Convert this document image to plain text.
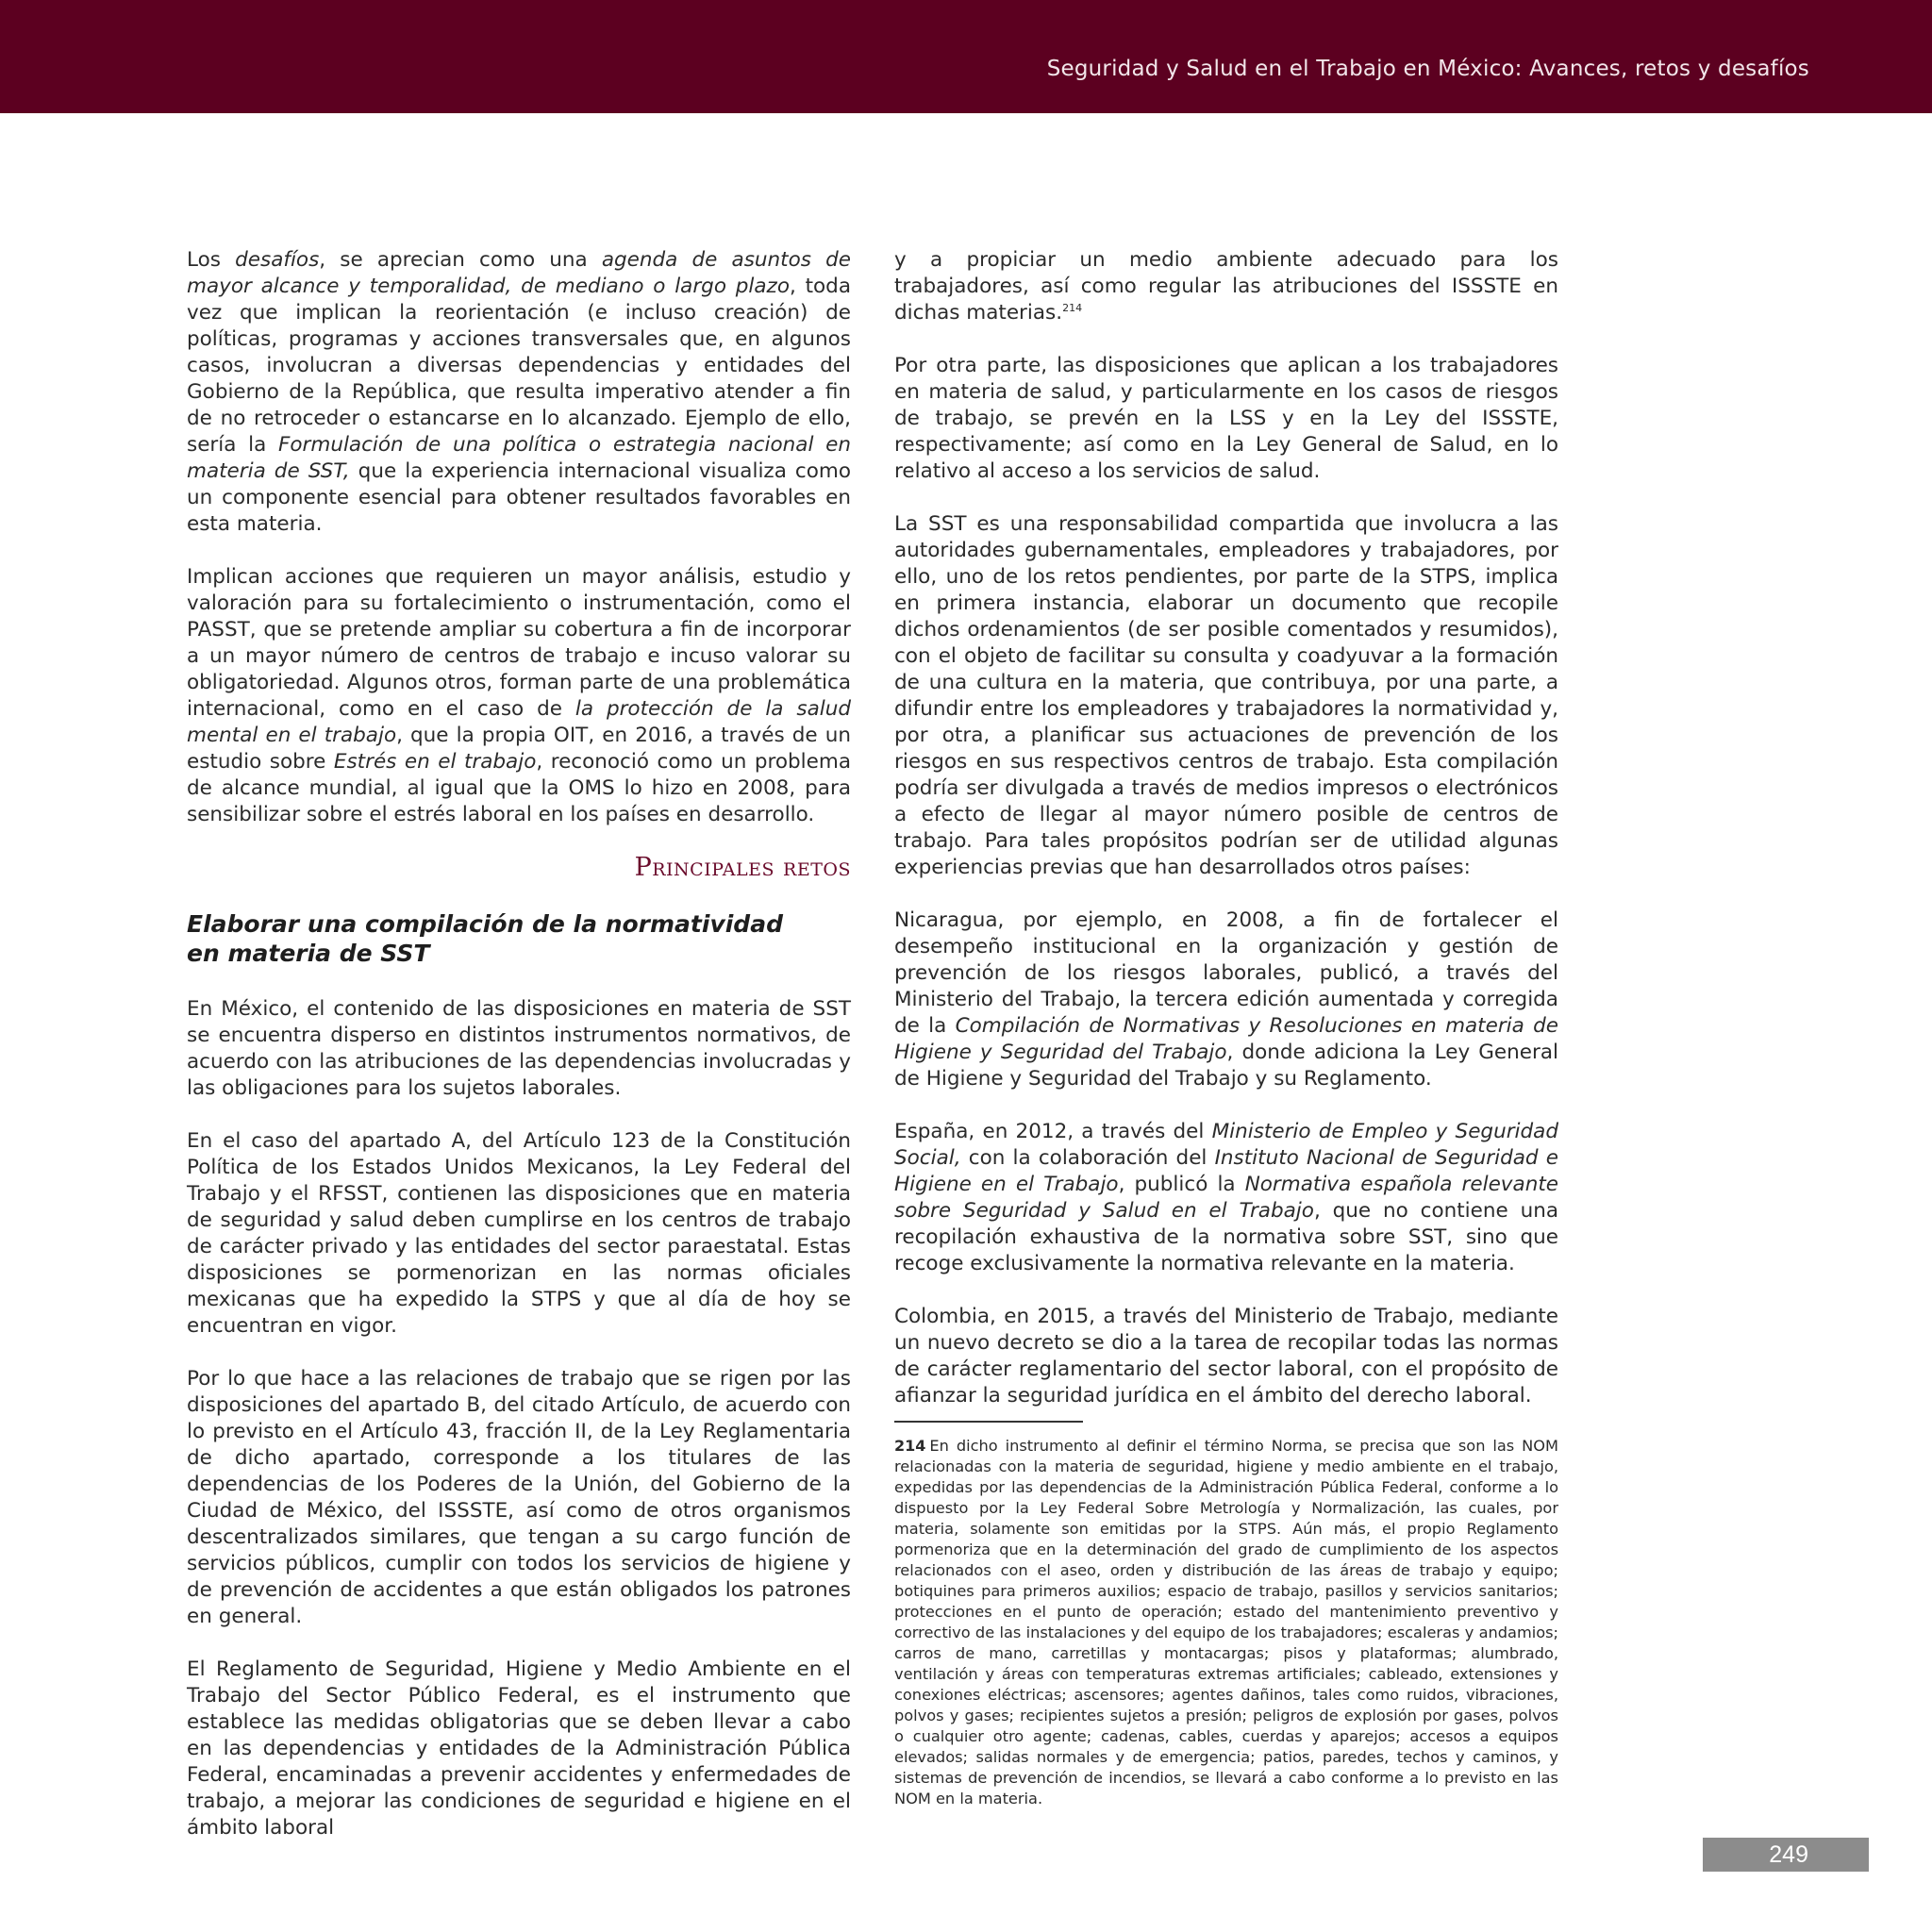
Seguridad y Salud en el Trabajo en México: Avances, retos y desafíos

Los desafíos, se aprecian como una agenda de asuntos de mayor alcance y temporalidad, de mediano o largo plazo, toda vez que implican la reorientación (e incluso creación) de políticas, programas y acciones transversales que, en algunos casos, involucran a diversas dependencias y entidades del Gobierno de la República, que resulta imperativo atender a fin de no retroceder o estancarse en lo alcanzado. Ejemplo de ello, sería la Formulación de una política o estrategia nacional en materia de SST, que la experiencia internacional visualiza como un componente esencial para obtener resultados favorables en esta materia.

Implican acciones que requieren un mayor análisis, estudio y valoración para su fortalecimiento o instrumentación, como el PASST, que se pretende ampliar su cobertura a fin de incorporar a un mayor número de centros de trabajo e incuso valorar su obligatoriedad. Algunos otros, forman parte de una problemática internacional, como en el caso de la protección de la salud mental en el trabajo, que la propia OIT, en 2016, a través de un estudio sobre Estrés en el trabajo, reconoció como un problema de alcance mundial, al igual que la OMS lo hizo en 2008, para sensibilizar sobre el estrés laboral en los países en desarrollo.

Principales retos
Elaborar una compilación de la normatividad
en materia de SST

En México, el contenido de las disposiciones en materia de SST se encuentra disperso en distintos instrumentos normativos, de acuerdo con las atribuciones de las dependencias involucradas y las obligaciones para los sujetos laborales.

En el caso del apartado A, del Artículo 123 de la Constitución Política de los Estados Unidos Mexicanos, la Ley Federal del Trabajo y el RFSST, contienen las disposiciones que en materia de seguridad y salud deben cumplirse en los centros de trabajo de carácter privado y las entidades del sector paraestatal. Estas disposiciones se pormenorizan en las normas oficiales mexicanas que ha expedido la STPS y que al día de hoy se encuentran en vigor.

Por lo que hace a las relaciones de trabajo que se rigen por las disposiciones del apartado B, del citado Artículo, de acuerdo con lo previsto en el Artículo 43, fracción II, de la Ley Reglamentaria de dicho apartado, corresponde a los titulares de las dependencias de los Poderes de la Unión, del Gobierno de la Ciudad de México, del ISSSTE, así como de otros organismos descentralizados similares, que tengan a su cargo función de servicios públicos, cumplir con todos los servicios de higiene y de prevención de accidentes a que están obligados los patrones en general.

El Reglamento de Seguridad, Higiene y Medio Ambiente en el Trabajo del Sector Público Federal, es el instrumento que establece las medidas obligatorias que se deben llevar a cabo en las dependencias y entidades de la Administración Pública Federal, encaminadas a prevenir accidentes y enfermedades de trabajo, a mejorar las condiciones de seguridad e higiene en el ámbito laboral

y a propiciar un medio ambiente adecuado para los trabajadores, así como regular las atribuciones del ISSSTE en dichas materias.$^{214}$

Por otra parte, las disposiciones que aplican a los trabajadores en materia de salud, y particularmente en los casos de riesgos de trabajo, se prevén en la LSS y en la Ley del ISSSTE, respectivamente; así como en la Ley General de Salud, en lo relativo al acceso a los servicios de salud.

La SST es una responsabilidad compartida que involucra a las autoridades gubernamentales, empleadores y trabajadores, por ello, uno de los retos pendientes, por parte de la STPS, implica en primera instancia, elaborar un documento que recopile dichos ordenamientos (de ser posible comentados y resumidos), con el objeto de facilitar su consulta y coadyuvar a la formación de una cultura en la materia, que contribuya, por una parte, a difundir entre los empleadores y trabajadores la normatividad y, por otra, a planificar sus actuaciones de prevención de los riesgos en sus respectivos centros de trabajo. Esta compilación podría ser divulgada a través de medios impresos o electrónicos a efecto de llegar al mayor número posible de centros de trabajo. Para tales propósitos podrían ser de utilidad algunas experiencias previas que han desarrollados otros países:

Nicaragua, por ejemplo, en 2008, a fin de fortalecer el desempeño institucional en la organización y gestión de prevención de los riesgos laborales, publicó, a través del Ministerio del Trabajo, la tercera edición aumentada y corregida de la Compilación de Normativas y Resoluciones en materia de Higiene y Seguridad del Trabajo, donde adiciona la Ley General de Higiene y Seguridad del Trabajo y su Reglamento.

España, en 2012, a través del Ministerio de Empleo y Seguridad Social, con la colaboración del Instituto Nacional de Seguridad e Higiene en el Trabajo, publicó la Normativa española relevante sobre Seguridad y Salud en el Trabajo, que no contiene una recopilación exhaustiva de la normativa sobre SST, sino que recoge exclusivamente la normativa relevante en la materia.

Colombia, en 2015, a través del Ministerio de Trabajo, mediante un nuevo decreto se dio a la tarea de recopilar todas las normas de carácter reglamentario del sector laboral, con el propósito de afianzar la seguridad jurídica en el ámbito del derecho laboral.

214 En dicho instrumento al definir el término Norma, se precisa que son las NOM relacionadas con la materia de seguridad, higiene y medio ambiente en el trabajo, expedidas por las dependencias de la Administración Pública Federal, conforme a lo dispuesto por la Ley Federal Sobre Metrología y Normalización, las cuales, por materia, solamente son emitidas por la STPS. Aún más, el propio Reglamento pormenoriza que en la determinación del grado de cumplimiento de los aspectos relacionados con el aseo, orden y distribución de las áreas de trabajo y equipo; botiquines para primeros auxilios; espacio de trabajo, pasillos y servicios sanitarios; protecciones en el punto de operación; estado del mantenimiento preventivo y correctivo de las instalaciones y del equipo de los trabajadores; escaleras y andamios; carros de mano, carretillas y montacargas; pisos y plataformas; alumbrado, ventilación y áreas con temperaturas extremas artificiales; cableado, extensiones y conexiones eléctricas; ascensores; agentes dañinos, tales como ruidos, vibraciones, polvos y gases; recipientes sujetos a presión; peligros de explosión por gases, polvos o cualquier otro agente; cadenas, cables, cuerdas y aparejos; accesos a equipos elevados; salidas normales y de emergencia; patios, paredes, techos y caminos, y sistemas de prevención de incendios, se llevará a cabo conforme a lo previsto en las NOM en la materia.
249
